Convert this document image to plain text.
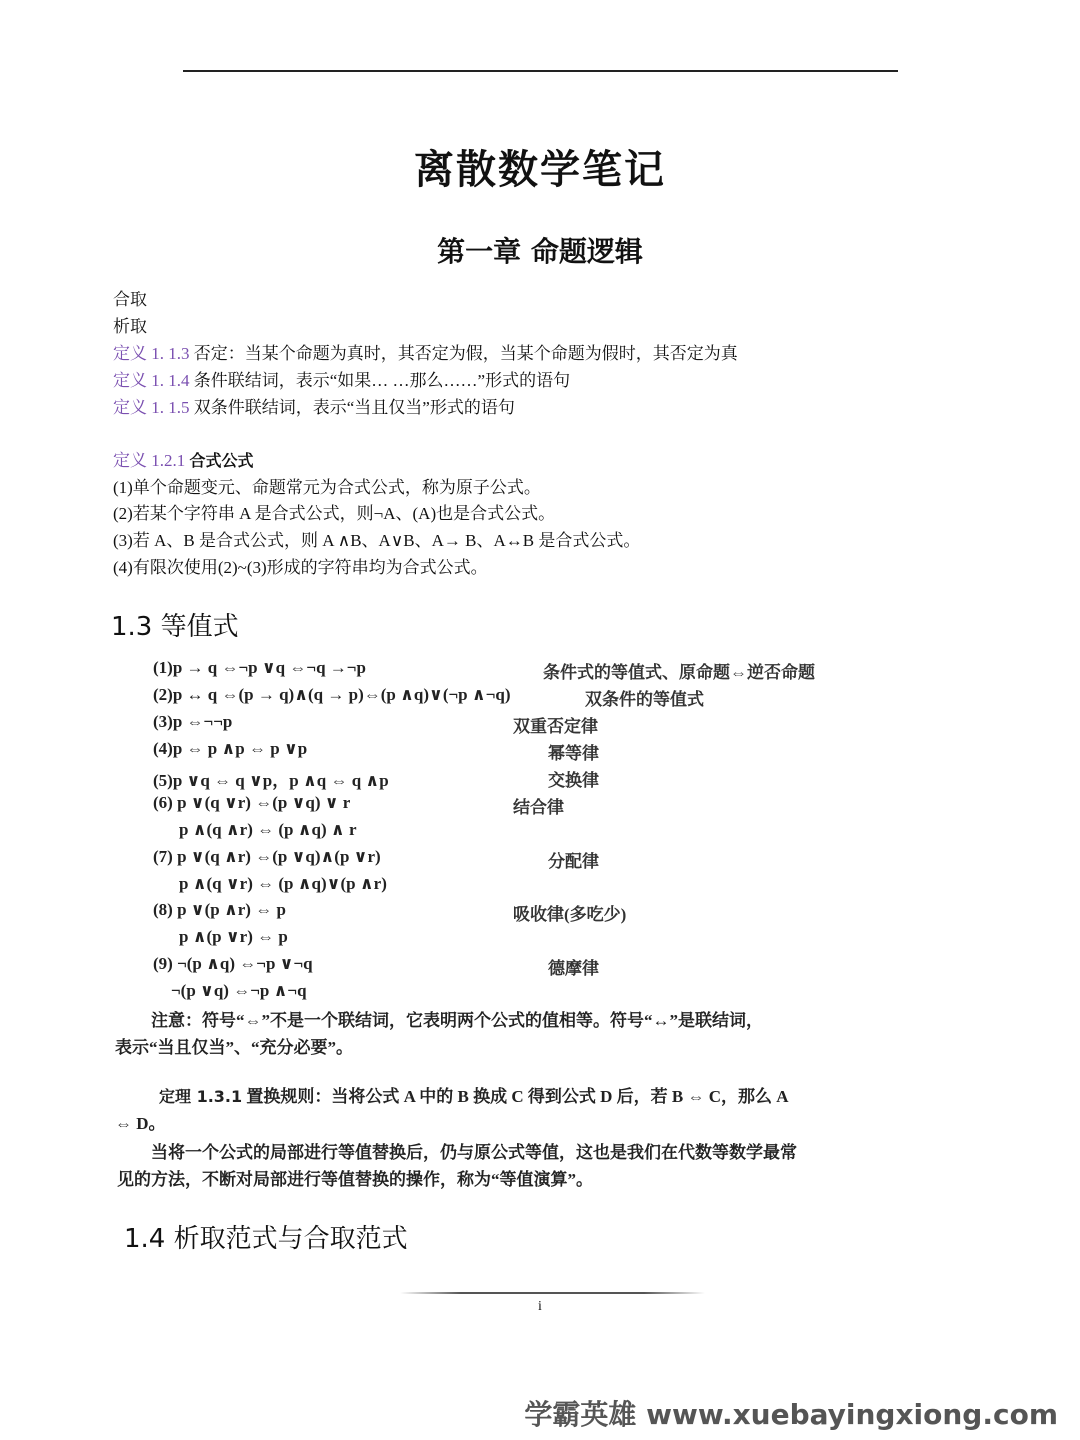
离散数学笔记
第一章 命题逻辑
合取
析取
定义 1. 1.3 否定：当某个命题为真时，其否定为假，当某个命题为假时，其否定为真
定义 1. 1.4 条件联结词，表示“如果… …那么……”形式的语句
定义 1. 1.5 双条件联结词，表示“当且仅当”形式的语句
定义 1.2.1 合式公式
(1)单个命题变元、命题常元为合式公式，称为原子公式。
(2)若某个字符串 A 是合式公式，则¬A、(A)也是合式公式。
(3)若 A、B 是合式公式，则 A ∧B、A∨B、A→ B、A↔B 是合式公式。
(4)有限次使用(2)~(3)形成的字符串均为合式公式。
1.3 等值式
(1)p → q ⇔¬p ∨q ⇔¬q →¬p	条件式的等值式、原命题⇔逆否命题
(2)p ↔ q ⇔(p → q)∧(q → p)⇔(p ∧q)∨(¬p ∧¬q)	双条件的等值式
(3)p ⇔¬¬p	双重否定律
(4)p ⇔ p ∧p ⇔ p ∨p	幂等律
(5)p ∨q ⇔ q ∨p，p ∧q ⇔ q ∧p	交换律
(6) p ∨(q ∨r) ⇔(p ∨q) ∨ r	结合律
p ∧(q ∧r) ⇔ (p ∧q) ∧ r
(7) p ∨(q ∧r) ⇔(p ∨q)∧(p ∨r)	分配律
p ∧(q ∨r) ⇔ (p ∧q)∨(p ∧r)
(8) p ∨(p ∧r) ⇔ p	吸收律(多吃少)
p ∧(p ∨r) ⇔ p
(9) ¬(p ∧q) ⇔¬p ∨¬q	德摩律
¬(p ∨q) ⇔¬p ∧¬q
注意：符号“⇔”不是一个联结词，它表明两个公式的值相等。符号“↔”是联结词，
表示“当且仅当”、“充分必要”。
定理 1.3.1 置换规则：当将公式 A 中的 B 换成 C 得到公式 D 后，若 B ⇔ C，那么 A
⇔ D。
当将一个公式的局部进行等值替换后，仍与原公式等值，这也是我们在代数等数学最常
见的方法，不断对局部进行等值替换的操作，称为“等值演算”。
1.4 析取范式与合取范式
i
学霸英雄 www.xuebayingxiong.com
